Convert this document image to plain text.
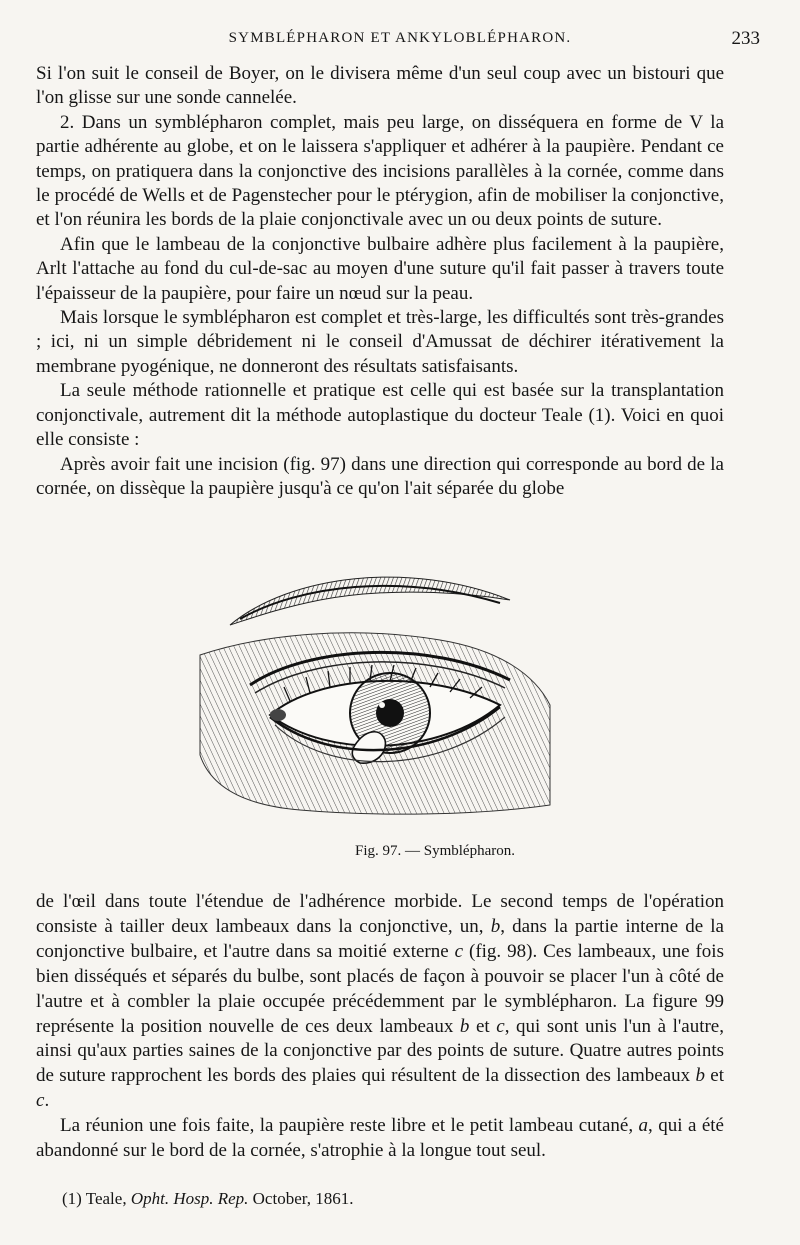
SYMBLÉPHARON ET ANKYLOBLÉPHARON.	233

Si l'on suit le conseil de Boyer, on le divisera même d'un seul coup avec un bistouri que l'on glisse sur une sonde cannelée.

2. Dans un symblépharon complet, mais peu large, on disséquera en forme de V la partie adhérente au globe, et on le laissera s'appliquer et adhérer à la paupière. Pendant ce temps, on pratiquera dans la conjonctive des incisions parallèles à la cornée, comme dans le procédé de Wells et de Pagenstecher pour le ptérygion, afin de mobiliser la conjonctive, et l'on réunira les bords de la plaie conjonctivale avec un ou deux points de suture.

Afin que le lambeau de la conjonctive bulbaire adhère plus facilement à la paupière, Arlt l'attache au fond du cul-de-sac au moyen d'une suture qu'il fait passer à travers toute l'épaisseur de la paupière, pour faire un nœud sur la peau.

Mais lorsque le symblépharon est complet et très-large, les difficultés sont très-grandes ; ici, ni un simple débridement ni le conseil d'Amussat de déchirer itérativement la membrane pyogénique, ne donneront des résultats satisfaisants.

La seule méthode rationnelle et pratique est celle qui est basée sur la transplantation conjonctivale, autrement dit la méthode autoplastique du docteur Teale (1). Voici en quoi elle consiste :

Après avoir fait une incision (fig. 97) dans une direction qui corresponde au bord de la cornée, on dissèque la paupière jusqu'à ce qu'on l'ait séparée du globe

Fig. 97. — Symblépharon.

de l'œil dans toute l'étendue de l'adhérence morbide. Le second temps de l'opération consiste à tailler deux lambeaux dans la conjonctive, un, b, dans la partie interne de la conjonctive bulbaire, et l'autre dans sa moitié externe c (fig. 98). Ces lambeaux, une fois bien disséqués et séparés du bulbe, sont placés de façon à pouvoir se placer l'un à côté de l'autre et à combler la plaie occupée précédemment par le symblépharon. La figure 99 représente la position nouvelle de ces deux lambeaux b et c, qui sont unis l'un à l'autre, ainsi qu'aux parties saines de la conjonctive par des points de suture. Quatre autres points de suture rapprochent les bords des plaies qui résultent de la dissection des lambeaux b et c.

La réunion une fois faite, la paupière reste libre et le petit lambeau cutané, a, qui a été abandonné sur le bord de la cornée, s'atrophie à la longue tout seul.

(1) Teale, Opht. Hosp. Rep. October, 1861.
